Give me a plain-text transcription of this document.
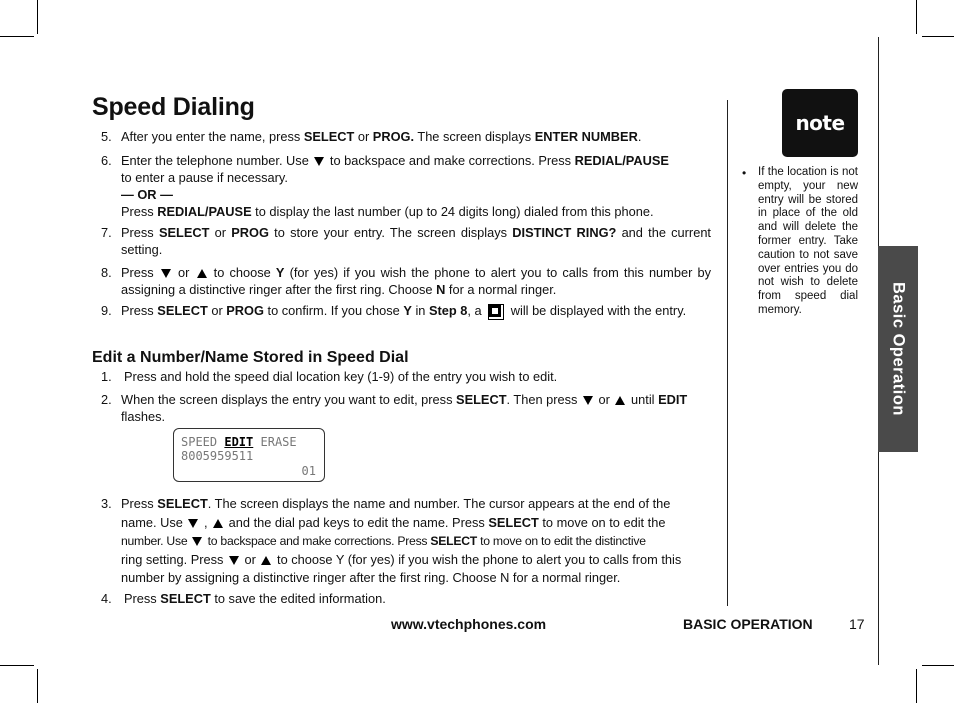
Speed Dialing
5. After you enter the name, press SELECT or PROG. The screen displays ENTER NUMBER.
6. Enter the telephone number. Use  to backspace and make corrections. Press REDIAL/PAUSE
to enter a pause if necessary.
— OR —
Press REDIAL/PAUSE to display the last number (up to 24 digits long) dialed from this phone.
7. Press SELECT or PROG to store your entry. The screen displays DISTINCT RING? and the current setting.
8. Press  or  to choose Y (for yes) if you wish the phone to alert you to calls from this number by assigning a distinctive ringer after the first ring. Choose N for a normal ringer.
9. Press SELECT or PROG to confirm. If you chose Y in Step 8, a
will be displayed with the entry.
Edit a Number/Name Stored in Speed Dial
1. Press and hold the speed dial location key (1-9) of the entry you wish to edit.
2. When the screen displays the entry you want to edit, press SELECT. Then press  or  until EDIT
flashes.
SPEED EDIT ERASE
8005959511
01
3. Press SELECT. The screen displays the name and number. The cursor appears at the end of the
name. Use  ,  and the dial pad keys to edit the name. Press SELECT to move on to edit the
number. Use  to backspace and make corrections. Press SELECT to move on to edit the distinctive
ring setting. Press  or  to choose Y (for yes) if you wish the phone to alert you to calls from this
number by assigning a distinctive ringer after the first ring. Choose N for a normal ringer.
4. Press SELECT to save the edited information.
note
• If the location is not empty, your new entry will be stored in place of the old and will delete the former entry. Take caution to not save over entries you do not wish to delete from speed dial memory.	Basic Operation
www.vtechphones.com	BASIC OPERATION	17
